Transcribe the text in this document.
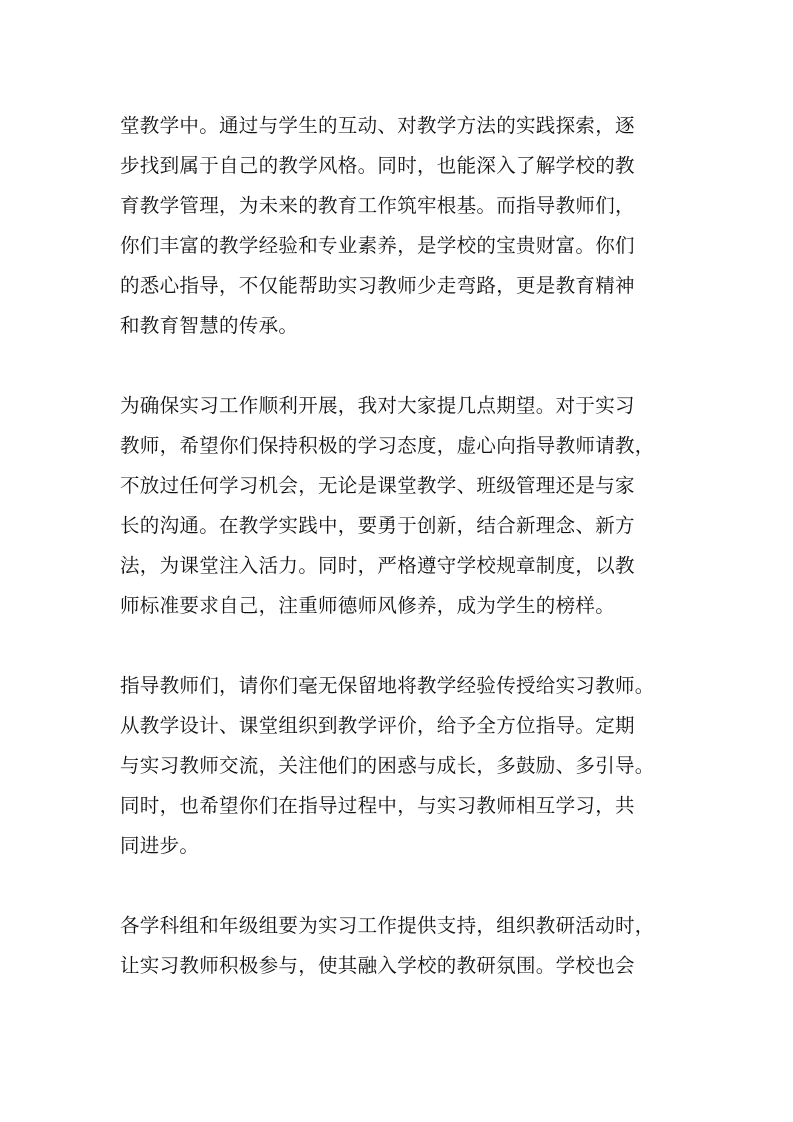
堂教学中。通过与学生的互动、对教学方法的实践探索，逐
步找到属于自己的教学风格。同时，也能深入了解学校的教
育教学管理，为未来的教育工作筑牢根基。而指导教师们，
你们丰富的教学经验和专业素养，是学校的宝贵财富。你们
的悉心指导，不仅能帮助实习教师少走弯路，更是教育精神
和教育智慧的传承。

为确保实习工作顺利开展，我对大家提几点期望。对于实习
教师，希望你们保持积极的学习态度，虚心向指导教师请教，
不放过任何学习机会，无论是课堂教学、班级管理还是与家
长的沟通。在教学实践中，要勇于创新，结合新理念、新方
法，为课堂注入活力。同时，严格遵守学校规章制度，以教
师标准要求自己，注重师德师风修养，成为学生的榜样。

指导教师们，请你们毫无保留地将教学经验传授给实习教师。
从教学设计、课堂组织到教学评价，给予全方位指导。定期
与实习教师交流，关注他们的困惑与成长，多鼓励、多引导。
同时，也希望你们在指导过程中，与实习教师相互学习，共
同进步。

各学科组和年级组要为实习工作提供支持，组织教研活动时，
让实习教师积极参与，使其融入学校的教研氛围。学校也会
